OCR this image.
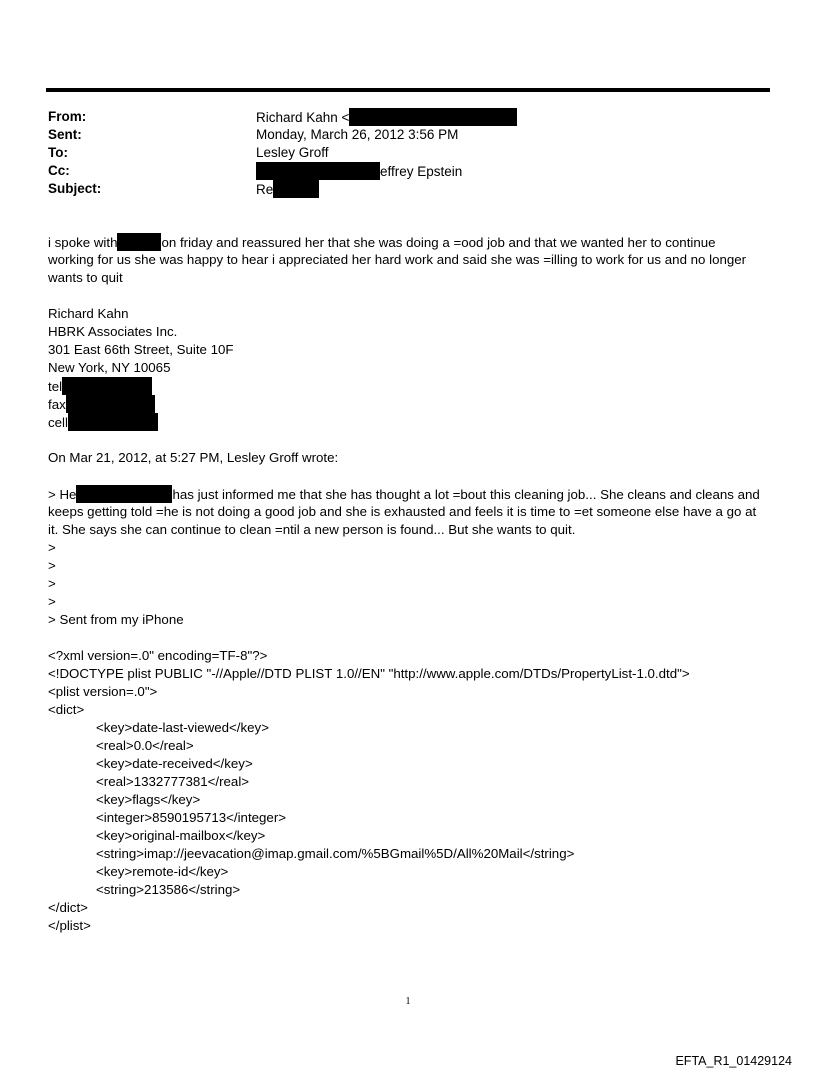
From:	Richard Kahn <
Sent:	Monday, March 26, 2012 3:56 PM
To:	Lesley Groff
Cc:	effrey Epstein
Subject:	Re
i spoke with	on friday and reassured her that she was doing a =ood job and that we wanted her to continue
working for us she was happy to hear i appreciated her hard work and said she was =illing to work for us and no longer
wants to quit
Richard Kahn
HBRK Associates Inc.
301 East 66th Street, Suite 10F
New York, NY 10065
tel
fax
cell
On Mar 21, 2012, at 5:27 PM, Lesley Groff wrote:
> He	has just informed me that she has thought a lot =bout this cleaning job... She cleans and cleans and
keeps getting told =he is not doing a good job and she is exhausted and feels it is time to =et someone else have a go at
it. She says she can continue to clean =ntil a new person is found... But she wants to quit.
>
>
>
>
> Sent from my iPhone
<?xml version=.0" encoding=TF-8"?>
<!DOCTYPE plist PUBLIC "-//Apple//DTD PLIST 1.0//EN" "http://www.apple.com/DTDs/PropertyList-1.0.dtd">
<plist version=.0">
<dict>
<key>date-last-viewed</key>
<real>0.0</real>
<key>date-received</key>
<real>1332777381</real>
<key>flags</key>
<integer>8590195713</integer>
<key>original-mailbox</key>
<string>imap://jeevacation@imap.gmail.com/%5BGmail%5D/All%20Mail</string>
<key>remote-id</key>
<string>213586</string>
</dict>
</plist>
1
EFTA_R1_01429124
